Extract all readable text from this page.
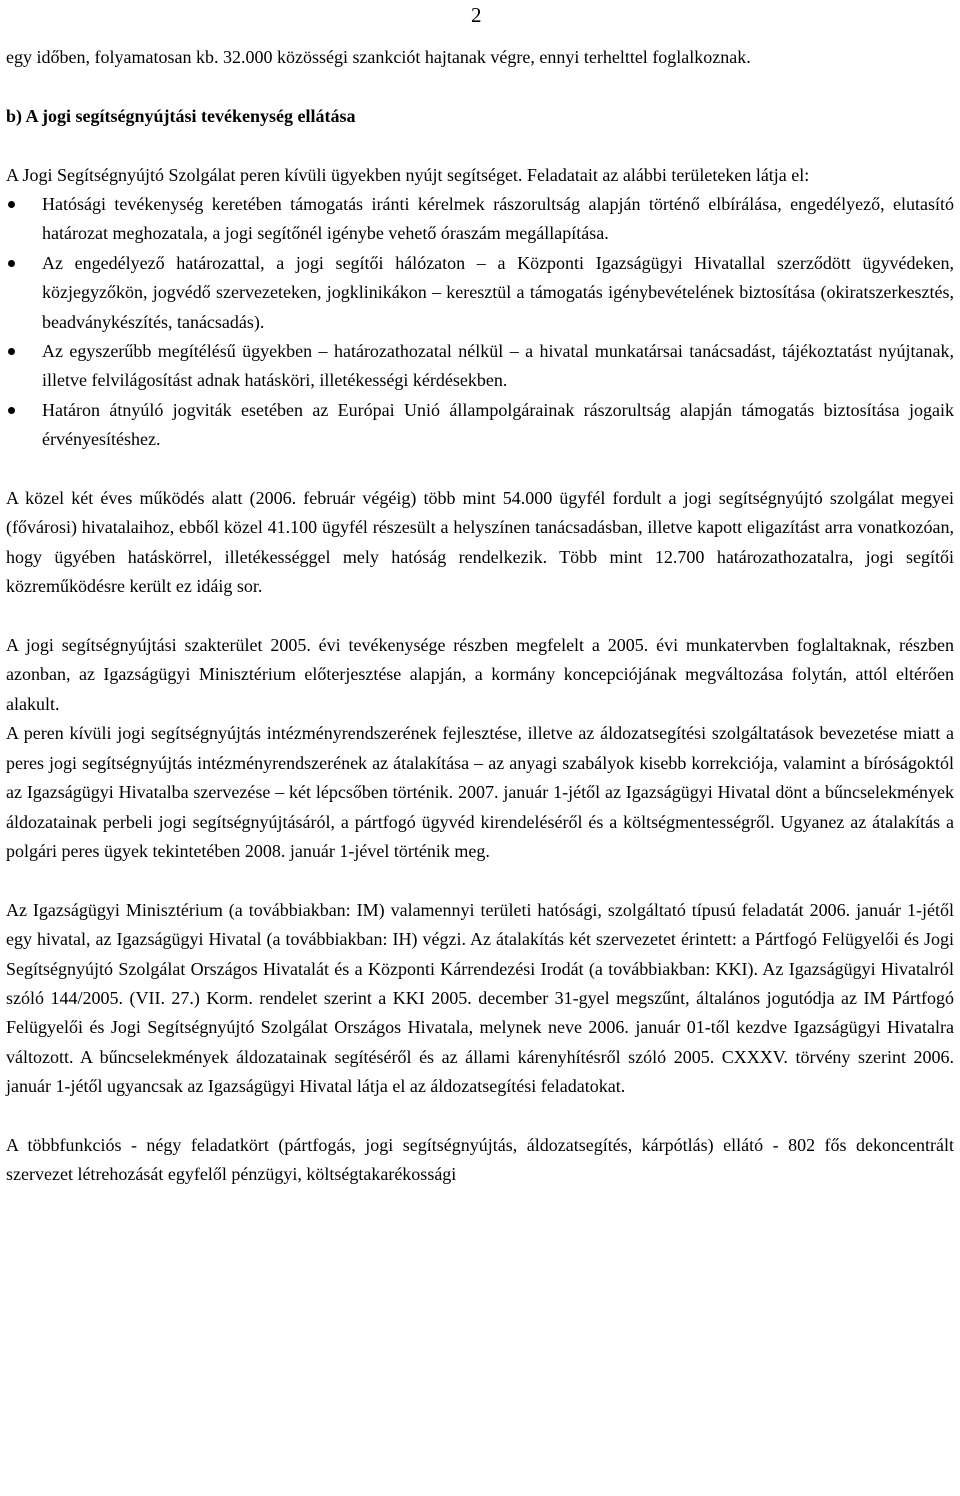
2

egy időben, folyamatosan kb. 32.000 közösségi szankciót hajtanak végre, ennyi terhelttel foglalkoznak.

b) A jogi segítségnyújtási tevékenység ellátása

A Jogi Segítségnyújtó Szolgálat peren kívüli ügyekben nyújt segítséget. Feladatait az alábbi területeken látja el:

Hatósági tevékenység keretében támogatás iránti kérelmek rászorultság alapján történő elbírálása, engedélyező, elutasító határozat meghozatala, a jogi segítőnél igénybe vehető óraszám megállapítása.
Az engedélyező határozattal, a jogi segítői hálózaton – a Központi Igazságügyi Hivatallal szerződött ügyvédeken, közjegyzőkön, jogvédő szervezeteken, jogklinikákon – keresztül a támogatás igénybevételének biztosítása (okiratszerkesztés, beadványkészítés, tanácsadás).
Az egyszerűbb megítélésű ügyekben – határozathozatal nélkül – a hivatal munkatársai tanácsadást, tájékoztatást nyújtanak, illetve felvilágosítást adnak hatásköri, illetékességi kérdésekben.
Határon átnyúló jogviták esetében az Európai Unió állampolgárainak rászorultság alapján támogatás biztosítása jogaik érvényesítéshez.

A közel két éves működés alatt (2006. február végéig) több mint 54.000 ügyfél fordult a jogi segítségnyújtó szolgálat megyei (fővárosi) hivatalaihoz, ebből közel 41.100 ügyfél részesült a helyszínen tanácsadásban, illetve kapott eligazítást arra vonatkozóan, hogy ügyében hatáskörrel, illetékességgel mely hatóság rendelkezik. Több mint 12.700 határozathozatalra, jogi segítői közreműködésre került ez idáig sor.

A jogi segítségnyújtási szakterület 2005. évi tevékenysége részben megfelelt a 2005. évi munkatervben foglaltaknak, részben azonban, az Igazságügyi Minisztérium előterjesztése alapján, a kormány koncepciójának megváltozása folytán, attól eltérően alakult.

A peren kívüli jogi segítségnyújtás intézményrendszerének fejlesztése, illetve az áldozatsegítési szolgáltatások bevezetése miatt a peres jogi segítségnyújtás intézményrendszerének az átalakítása – az anyagi szabályok kisebb korrekciója, valamint a bíróságoktól az Igazságügyi Hivatalba szervezése – két lépcsőben történik. 2007. január 1-jétől az Igazságügyi Hivatal dönt a bűncselekmények áldozatainak perbeli jogi segítségnyújtásáról, a pártfogó ügyvéd kirendeléséről és a költségmentességről. Ugyanez az átalakítás a polgári peres ügyek tekintetében 2008. január 1-jével történik meg.

Az Igazságügyi Minisztérium (a továbbiakban: IM) valamennyi területi hatósági, szolgáltató típusú feladatát 2006. január 1-jétől egy hivatal, az Igazságügyi Hivatal (a továbbiakban: IH) végzi. Az átalakítás két szervezetet érintett: a Pártfogó Felügyelői és Jogi Segítségnyújtó Szolgálat Országos Hivatalát és a Központi Kárrendezési Irodát (a továbbiakban: KKI). Az Igazságügyi Hivatalról szóló 144/2005. (VII. 27.) Korm. rendelet szerint a KKI 2005. december 31-gyel megszűnt, általános jogutódja az IM Pártfogó Felügyelői és Jogi Segítségnyújtó Szolgálat Országos Hivatala, melynek neve 2006. január 01-től kezdve Igazságügyi Hivatalra változott. A bűncselekmények áldozatainak segítéséről és az állami kárenyhítésről szóló 2005. CXXXV. törvény szerint 2006. január 1-jétől ugyancsak az Igazságügyi Hivatal látja el az áldozatsegítési feladatokat.

A többfunkciós - négy feladatkört (pártfogás, jogi segítségnyújtás, áldozatsegítés, kárpótlás) ellátó - 802 fős dekoncentrált szervezet létrehozását egyfelől pénzügyi, költségtakarékossági
